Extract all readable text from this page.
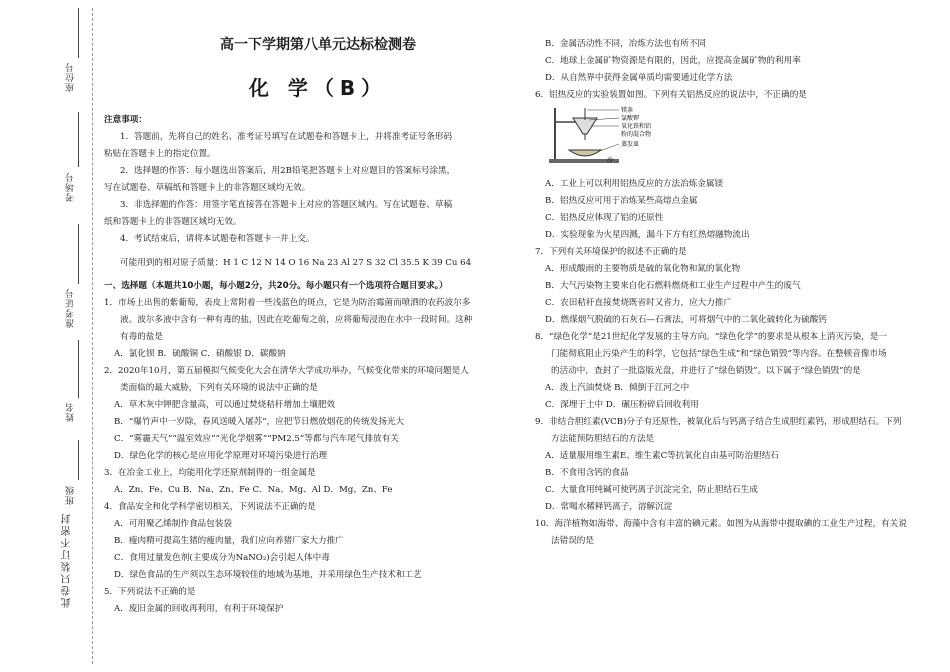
座位号
考场号
准考证号
姓名
班级
此卷只装订不密封
高一下学期第八单元达标检测卷
化 学（B）

注意事项：

1．答题前，先将自己的姓名、准考证号填写在试题卷和答题卡上，并将准考证号条形码

粘贴在答题卡上的指定位置。

2．选择题的作答：每小题选出答案后，用2B铅笔把答题卡上对应题目的答案标号涂黑，

写在试题卷、草稿纸和答题卡上的非答题区域均无效。

3．非选择题的作答：用签字笔直接答在答题卡上对应的答题区域内。写在试题卷、草稿

纸和答题卡上的非答题区域均无效。

4．考试结束后，请将本试题卷和答题卡一并上交。

可能用到的相对原子质量：H 1 C 12 N 14 O 16 Na 23 Al 27 S 32 Cl 35.5 K 39 Cu 64

一、选择题（本题共10小题，每小题2分，共20分。每小题只有一个选项符合题目要求。）

1．市场上出售的紫葡萄，表皮上常附着一些浅蓝色的斑点，它是为防治霉菌而喷洒的农药波尔多

液。波尔多液中含有一种有毒的盐，因此在吃葡萄之前，应将葡萄浸泡在水中一段时间。这种

有毒的盐是

A．氯化钡 B．硫酸铜 C．硝酸银 D．碳酸钠

2．2020年10月，第五届模拟气候变化大会在清华大学成功举办，气候变化带来的环境问题是人

类面临的最大威胁，下列有关环境的说法中正确的是

A．草木灰中钾肥含量高，可以通过焚烧秸秆增加土壤肥效

B．“爆竹声中一岁除，春风送暖入屠苏”，应把节日燃放烟花的传统发扬光大

C．“雾霾天气”“温室效应”“光化学烟雾”“PM2.5”等都与汽车尾气排放有关

D．绿色化学的核心是应用化学原理对环境污染进行治理

3．在冶金工业上，均能用化学还原剂制得的一组金属是

A．Zn、Fe、Cu B．Na、Zn、Fe C．Na、Mg、Al D．Mg、Zn、Fe

4．食品安全和化学科学密切相关，下列说法不正确的是

A．可用聚乙烯制作食品包装袋

B．瘦肉精可提高生猪的瘦肉量，我们应向养猪厂家大力推广

C．食用过量发色剂(主要成分为NaNO₂)会引起人体中毒

D．绿色食品的生产须以生态环境较佳的地域为基地，并采用绿色生产技术和工艺

5．下列说法不正确的是

A．废旧金属的回收再利用，有利于环境保护

B．金属活动性不同，冶炼方法也有所不同

C．地球上金属矿物资源是有限的，因此，应提高金属矿物的利用率

D．从自然界中获得金属单质均需要通过化学方法

6．铝热反应的实验装置如图。下列有关铝热反应的说法中，不正确的是

A．工业上可以利用铝热反应的方法冶炼金属镁

B．铝热反应可用于冶炼某些高熔点金属

C．铝热反应体现了铝的还原性

D．实验现象为火星四溅，漏斗下方有红热熔融物流出

7．下列有关环境保护的叙述不正确的是

A．形成酸雨的主要物质是硫的氧化物和氮的氧化物

B．大气污染物主要来自化石燃料燃烧和工业生产过程中产生的废气

C．农田秸秆直接焚烧既省时又省力，应大力推广

D．燃煤烟气脱硫的石灰石—石膏法，可将烟气中的二氧化硫转化为硫酸钙

8．“绿色化学”是21世纪化学发展的主导方向。“绿色化学”的要求是从根本上消灭污染，是一

门能彻底阻止污染产生的科学，它包括“绿色生成”和“绿色销毁”等内容。在整顿音像市场

的活动中，查封了一批盗版光盘，并进行了“绿色销毁”。以下属于“绿色销毁”的是

A．泼上汽油焚烧 B．倾倒于江河之中

C．深埋于土中 D．碾压粉碎后回收利用

9．非结合胆红素(VCB)分子有还原性，被氧化后与钙离子结合生成胆红素钙，形成胆结石。下列

方法能预防胆结石的方法是

A．适量服用维生素E、维生素C等抗氧化自由基可防治胆结石

B．不食用含钙的食品

C．大量食用纯碱可使钙离子沉淀完全，防止胆结石生成

D．常喝水稀释钙离子，溶解沉淀

10．海洋植物如海带、海藻中含有丰富的碘元素。如图为从海带中提取碘的工业生产过程，有关说

法错误的是

镁条
氯酸钾
氧化铁和铝
粉的混合物
蒸发皿
沙
